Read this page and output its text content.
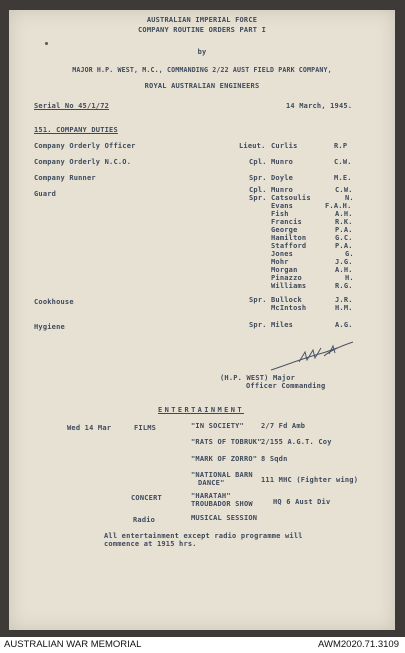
AUSTRALIAN IMPERIAL FORCE
COMPANY ROUTINE ORDERS PART I
by
MAJOR H.P. WEST, M.C., COMMANDING 2/22 AUST FIELD PARK COMPANY,
ROYAL AUSTRALIAN ENGINEERS
Serial No 45/1/72	14 March, 1945.
151. COMPANY DUTIES
Company Orderly Officer	Lieut. Curlis	R.P
Company Orderly N.C.O.	Cpl. Munro	C.W.
Company Runner	Spr. Doyle	M.E.
Guard	Cpl. Munro	C.W.
Spr. Catsoulis	N.
Evans	F.A.H.
Fish	A.H.
Francis	R.K.
George	P.A.
Hamilton	G.C.
Stafford	P.A.
Jones	G.
Mohr	J.G.
Morgan	A.H.
Pinazzo	H.
Williams	R.G.
Cookhouse	Spr. Bullock	J.R.
McIntosh	H.M.
Hygiene	Spr. Miles	A.G.
(H.P. WEST) Major
Officer Commanding
ENTERTAINMENT
Wed 14 Mar	FILMS	"IN SOCIETY" 2/7 Fd Amb
"RATS OF TOBRUK" 2/155 A.G.T. Coy
"MARK OF ZORRO" 8 Sqdn
"NATIONAL BARN
DANCE"	111 MHC (Fighter wing)
CONCERT	"HARATAH"
TROUBADOR SHOW	HQ 6 Aust Div
Radio	MUSICAL SESSION
All entertainment except radio programme will
commence at 1915 hrs.
AUSTRALIAN WAR MEMORIAL	AWM2020.71.3109
